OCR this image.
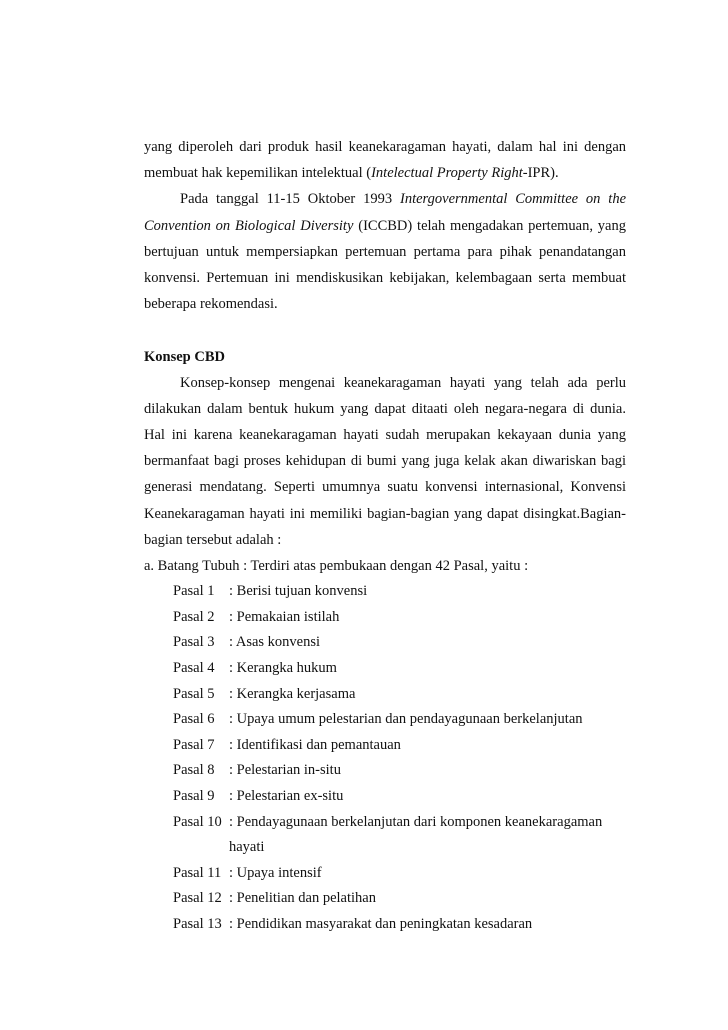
yang diperoleh dari produk hasil keanekaragaman hayati, dalam hal ini dengan
membuat hak kepemilikan intelektual (Intelectual Property Right-IPR).
Pada tanggal 11-15 Oktober 1993 Intergovernmental Committee on the
Convention on Biological Diversity (ICCBD) telah mengadakan pertemuan, yang
bertujuan untuk mempersiapkan pertemuan pertama para pihak penandatangan
konvensi. Pertemuan ini mendiskusikan kebijakan, kelembagaan serta membuat
beberapa rekomendasi.
Konsep CBD
Konsep-konsep mengenai keanekaragaman hayati yang telah ada perlu
dilakukan dalam bentuk hukum yang dapat ditaati oleh negara-negara di dunia.
Hal ini karena keanekaragaman hayati sudah merupakan kekayaan dunia yang
bermanfaat bagi proses kehidupan di bumi yang juga kelak akan diwariskan bagi
generasi mendatang. Seperti umumnya suatu konvensi internasional, Konvensi
Keanekaragaman hayati ini memiliki bagian-bagian yang dapat disingkat.Bagian-
bagian tersebut adalah :
a. Batang Tubuh : Terdiri atas pembukaan dengan 42 Pasal, yaitu :
Pasal 1	: Berisi tujuan konvensi
Pasal 2	: Pemakaian istilah
Pasal 3	: Asas konvensi
Pasal 4	: Kerangka hukum
Pasal 5	: Kerangka kerjasama
Pasal 6	: Upaya umum pelestarian dan pendayagunaan berkelanjutan
Pasal 7	: Identifikasi dan pemantauan
Pasal 8	: Pelestarian in-situ
Pasal 9	: Pelestarian ex-situ
Pasal 10 : Pendayagunaan berkelanjutan dari komponen keanekaragaman
hayati
Pasal 11 : Upaya intensif
Pasal 12 : Penelitian dan pelatihan
Pasal 13 : Pendidikan masyarakat dan peningkatan kesadaran
